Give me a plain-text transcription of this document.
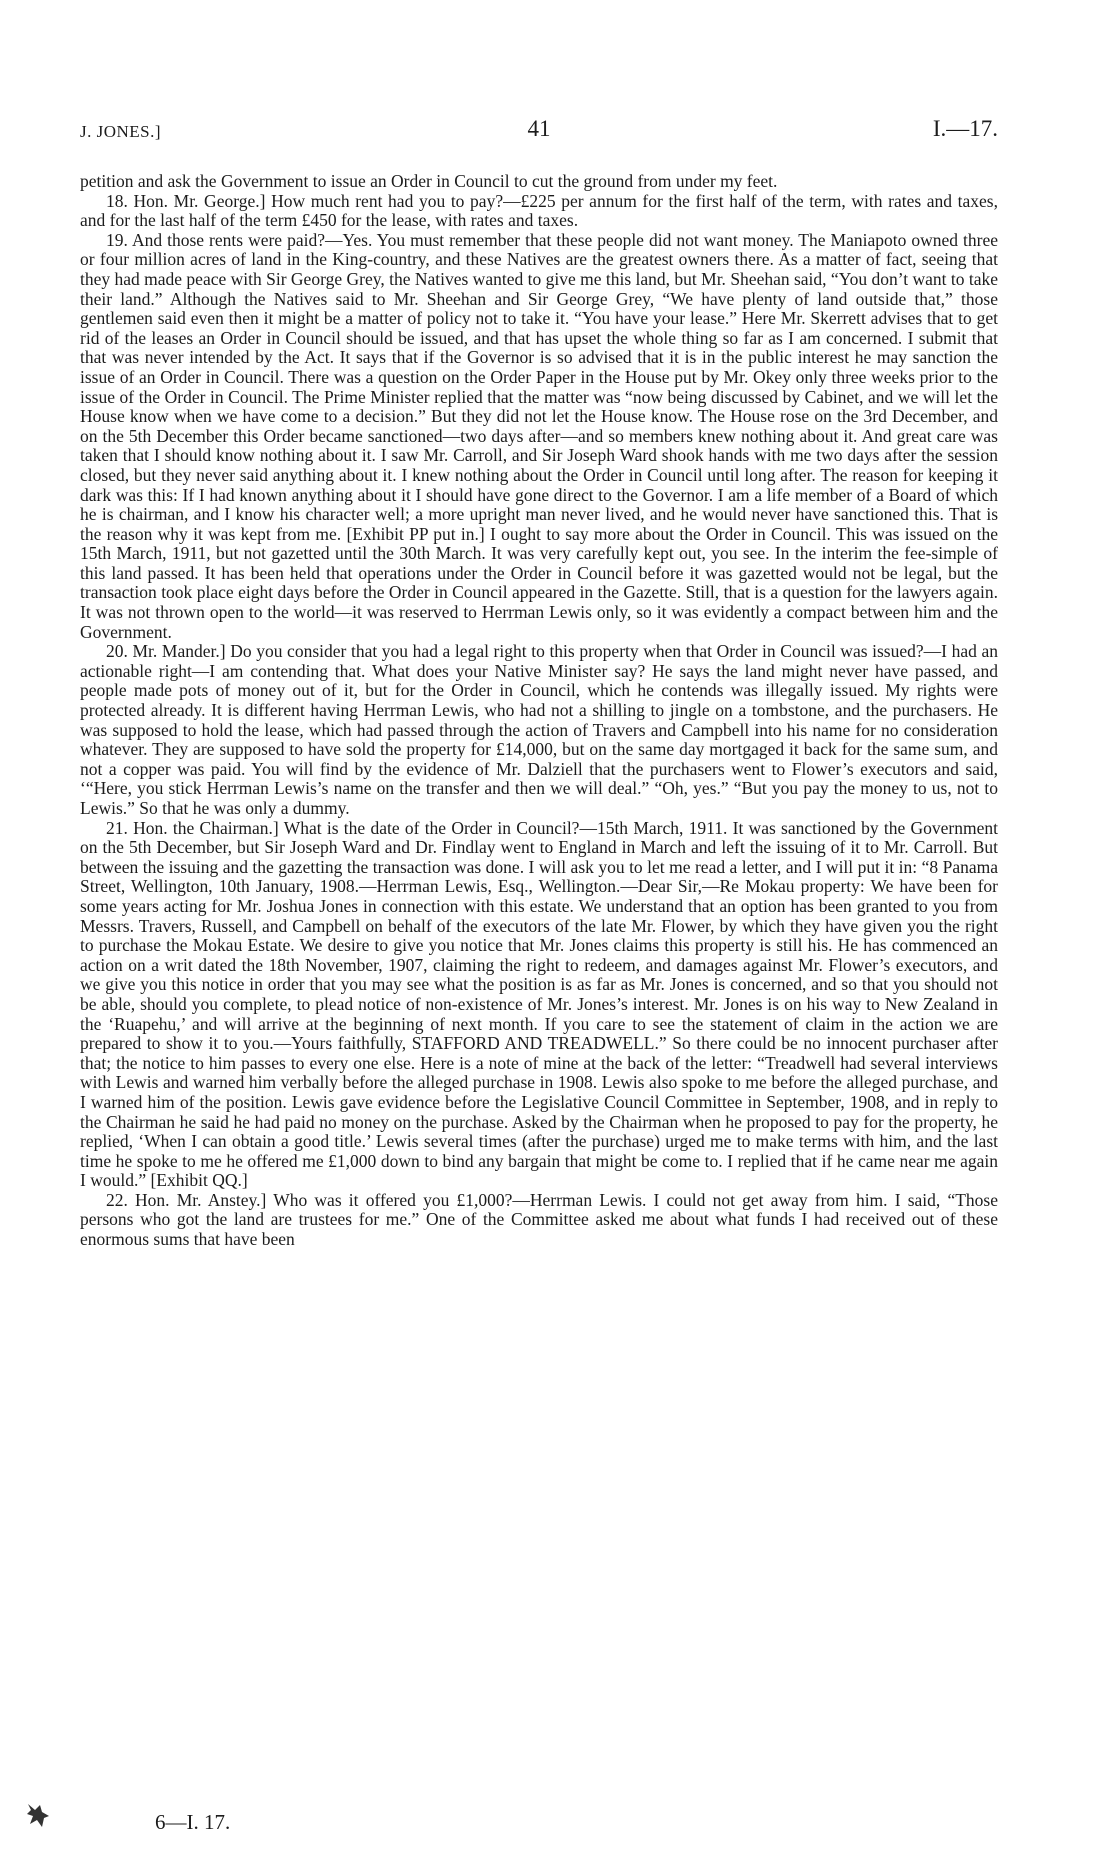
J. JONES.]	41	I.—17.

petition and ask the Government to issue an Order in Council to cut the ground from under my feet.

18. Hon. Mr. George.] How much rent had you to pay?—£225 per annum for the first half of the term, with rates and taxes, and for the last half of the term £450 for the lease, with rates and taxes.

19. And those rents were paid?—Yes. You must remember that these people did not want money. The Maniapoto owned three or four million acres of land in the King-country, and these Natives are the greatest owners there. As a matter of fact, seeing that they had made peace with Sir George Grey, the Natives wanted to give me this land, but Mr. Sheehan said, “You don’t want to take their land.” Although the Natives said to Mr. Sheehan and Sir George Grey, “We have plenty of land outside that,” those gentlemen said even then it might be a matter of policy not to take it. “You have your lease.” Here Mr. Skerrett advises that to get rid of the leases an Order in Council should be issued, and that has upset the whole thing so far as I am concerned. I submit that that was never intended by the Act. It says that if the Governor is so advised that it is in the public interest he may sanction the issue of an Order in Council. There was a question on the Order Paper in the House put by Mr. Okey only three weeks prior to the issue of the Order in Council. The Prime Minister replied that the matter was “now being discussed by Cabinet, and we will let the House know when we have come to a decision.” But they did not let the House know. The House rose on the 3rd December, and on the 5th December this Order became sanctioned—two days after—and so members knew nothing about it. And great care was taken that I should know nothing about it. I saw Mr. Carroll, and Sir Joseph Ward shook hands with me two days after the session closed, but they never said anything about it. I knew nothing about the Order in Council until long after. The reason for keeping it dark was this: If I had known anything about it I should have gone direct to the Governor. I am a life member of a Board of which he is chairman, and I know his character well; a more upright man never lived, and he would never have sanctioned this. That is the reason why it was kept from me. [Exhibit PP put in.] I ought to say more about the Order in Council. This was issued on the 15th March, 1911, but not gazetted until the 30th March. It was very carefully kept out, you see. In the interim the fee-simple of this land passed. It has been held that operations under the Order in Council before it was gazetted would not be legal, but the transaction took place eight days before the Order in Council appeared in the Gazette. Still, that is a question for the lawyers again. It was not thrown open to the world—it was reserved to Herrman Lewis only, so it was evidently a compact between him and the Government.

20. Mr. Mander.] Do you consider that you had a legal right to this property when that Order in Council was issued?—I had an actionable right—I am contending that. What does your Native Minister say? He says the land might never have passed, and people made pots of money out of it, but for the Order in Council, which he contends was illegally issued. My rights were protected already. It is different having Herrman Lewis, who had not a shilling to jingle on a tombstone, and the purchasers. He was supposed to hold the lease, which had passed through the action of Travers and Campbell into his name for no consideration whatever. They are supposed to have sold the property for £14,000, but on the same day mortgaged it back for the same sum, and not a copper was paid. You will find by the evidence of Mr. Dalziell that the purchasers went to Flower’s executors and said, ‘“Here, you stick Herrman Lewis’s name on the transfer and then we will deal.” “Oh, yes.” “But you pay the money to us, not to Lewis.” So that he was only a dummy.

21. Hon. the Chairman.] What is the date of the Order in Council?—15th March, 1911. It was sanctioned by the Government on the 5th December, but Sir Joseph Ward and Dr. Findlay went to England in March and left the issuing of it to Mr. Carroll. But between the issuing and the gazetting the transaction was done. I will ask you to let me read a letter, and I will put it in: “8 Panama Street, Wellington, 10th January, 1908.—Herrman Lewis, Esq., Wellington.—Dear Sir,—Re Mokau property: We have been for some years acting for Mr. Joshua Jones in connection with this estate. We understand that an option has been granted to you from Messrs. Travers, Russell, and Campbell on behalf of the executors of the late Mr. Flower, by which they have given you the right to purchase the Mokau Estate. We desire to give you notice that Mr. Jones claims this property is still his. He has commenced an action on a writ dated the 18th November, 1907, claiming the right to redeem, and damages against Mr. Flower’s executors, and we give you this notice in order that you may see what the position is as far as Mr. Jones is concerned, and so that you should not be able, should you complete, to plead notice of non-existence of Mr. Jones’s interest. Mr. Jones is on his way to New Zealand in the ‘Ruapehu,’ and will arrive at the beginning of next month. If you care to see the statement of claim in the action we are prepared to show it to you.—Yours faithfully, STAFFORD AND TREADWELL.” So there could be no innocent purchaser after that; the notice to him passes to every one else. Here is a note of mine at the back of the letter: “Treadwell had several interviews with Lewis and warned him verbally before the alleged purchase in 1908. Lewis also spoke to me before the alleged purchase, and I warned him of the position. Lewis gave evidence before the Legislative Council Committee in September, 1908, and in reply to the Chairman he said he had paid no money on the purchase. Asked by the Chairman when he proposed to pay for the property, he replied, ‘When I can obtain a good title.’ Lewis several times (after the purchase) urged me to make terms with him, and the last time he spoke to me he offered me £1,000 down to bind any bargain that might be come to. I replied that if he came near me again I would.” [Exhibit QQ.]

22. Hon. Mr. Anstey.] Who was it offered you £1,000?—Herrman Lewis. I could not get away from him. I said, “Those persons who got the land are trustees for me.” One of the Committee asked me about what funds I had received out of these enormous sums that have been

6—I. 17.
